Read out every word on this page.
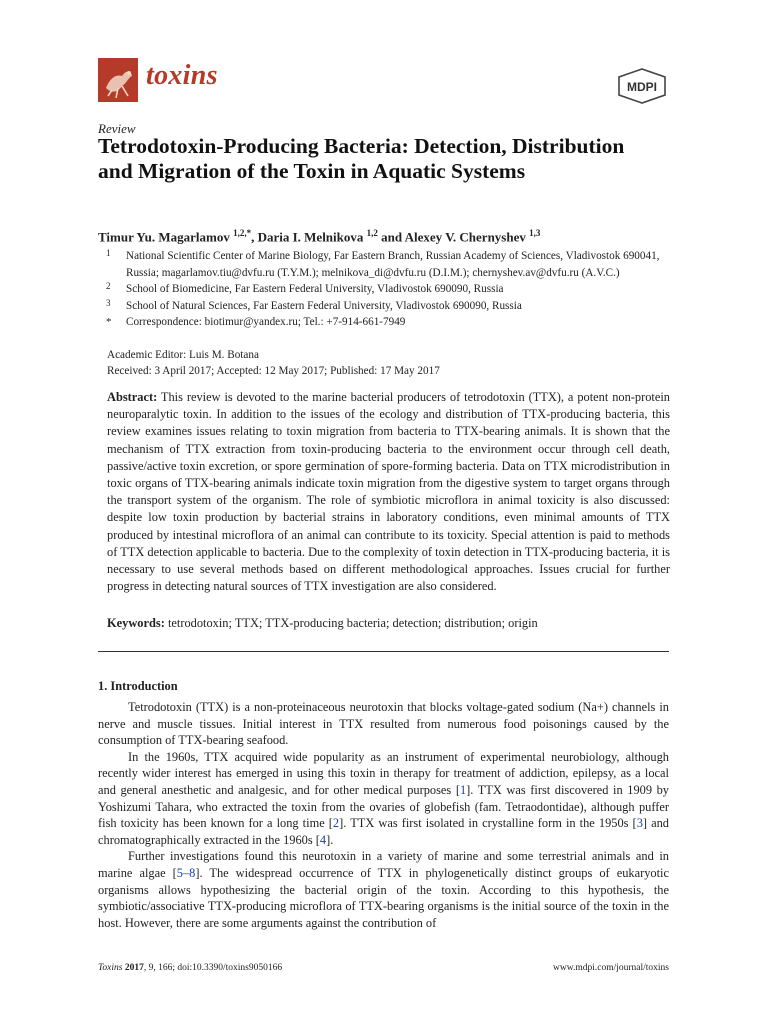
toxins	MDPI
Review
Tetrodotoxin-Producing Bacteria: Detection, Distribution and Migration of the Toxin in Aquatic Systems
Timur Yu. Magarlamov $^{1,2,*}$, Daria I. Melnikova $^{1,2}$ and Alexey V. Chernyshev $^{1,3}$
1 National Scientific Center of Marine Biology, Far Eastern Branch, Russian Academy of Sciences, Vladivostok 690041, Russia; magarlamov.tiu@dvfu.ru (T.Y.M.); melnikova_di@dvfu.ru (D.I.M.); chernyshev.av@dvfu.ru (A.V.C.)
2 School of Biomedicine, Far Eastern Federal University, Vladivostok 690090, Russia
3 School of Natural Sciences, Far Eastern Federal University, Vladivostok 690090, Russia
* Correspondence: biotimur@yandex.ru; Tel.: +7-914-661-7949
Academic Editor: Luis M. Botana
Received: 3 April 2017; Accepted: 12 May 2017; Published: 17 May 2017
Abstract: This review is devoted to the marine bacterial producers of tetrodotoxin (TTX), a potent non-protein neuroparalytic toxin. In addition to the issues of the ecology and distribution of TTX-producing bacteria, this review examines issues relating to toxin migration from bacteria to TTX-bearing animals. It is shown that the mechanism of TTX extraction from toxin-producing bacteria to the environment occur through cell death, passive/active toxin excretion, or spore germination of spore-forming bacteria. Data on TTX microdistribution in toxic organs of TTX-bearing animals indicate toxin migration from the digestive system to target organs through the transport system of the organism. The role of symbiotic microflora in animal toxicity is also discussed: despite low toxin production by bacterial strains in laboratory conditions, even minimal amounts of TTX produced by intestinal microflora of an animal can contribute to its toxicity. Special attention is paid to methods of TTX detection applicable to bacteria. Due to the complexity of toxin detection in TTX-producing bacteria, it is necessary to use several methods based on different methodological approaches. Issues crucial for further progress in detecting natural sources of TTX investigation are also considered.
Keywords: tetrodotoxin; TTX; TTX-producing bacteria; detection; distribution; origin
1. Introduction

Tetrodotoxin (TTX) is a non-proteinaceous neurotoxin that blocks voltage-gated sodium (Na+) channels in nerve and muscle tissues. Initial interest in TTX resulted from numerous food poisonings caused by the consumption of TTX-bearing seafood.

In the 1960s, TTX acquired wide popularity as an instrument of experimental neurobiology, although recently wider interest has emerged in using this toxin in therapy for treatment of addiction, epilepsy, as a local and general anesthetic and analgesic, and for other medical purposes [1]. TTX was first discovered in 1909 by Yoshizumi Tahara, who extracted the toxin from the ovaries of globefish (fam. Tetraodontidae), although puffer fish toxicity has been known for a long time [2]. TTX was first isolated in crystalline form in the 1950s [3] and chromatographically extracted in the 1960s [4].

Further investigations found this neurotoxin in a variety of marine and some terrestrial animals and in marine algae [5–8]. The widespread occurrence of TTX in phylogenetically distinct groups of eukaryotic organisms allows hypothesizing the bacterial origin of the toxin. According to this hypothesis, the symbiotic/associative TTX-producing microflora of TTX-bearing organisms is the initial source of the toxin in the host. However, there are some arguments against the contribution of

Toxins 2017, 9, 166; doi:10.3390/toxins9050166	www.mdpi.com/journal/toxins
